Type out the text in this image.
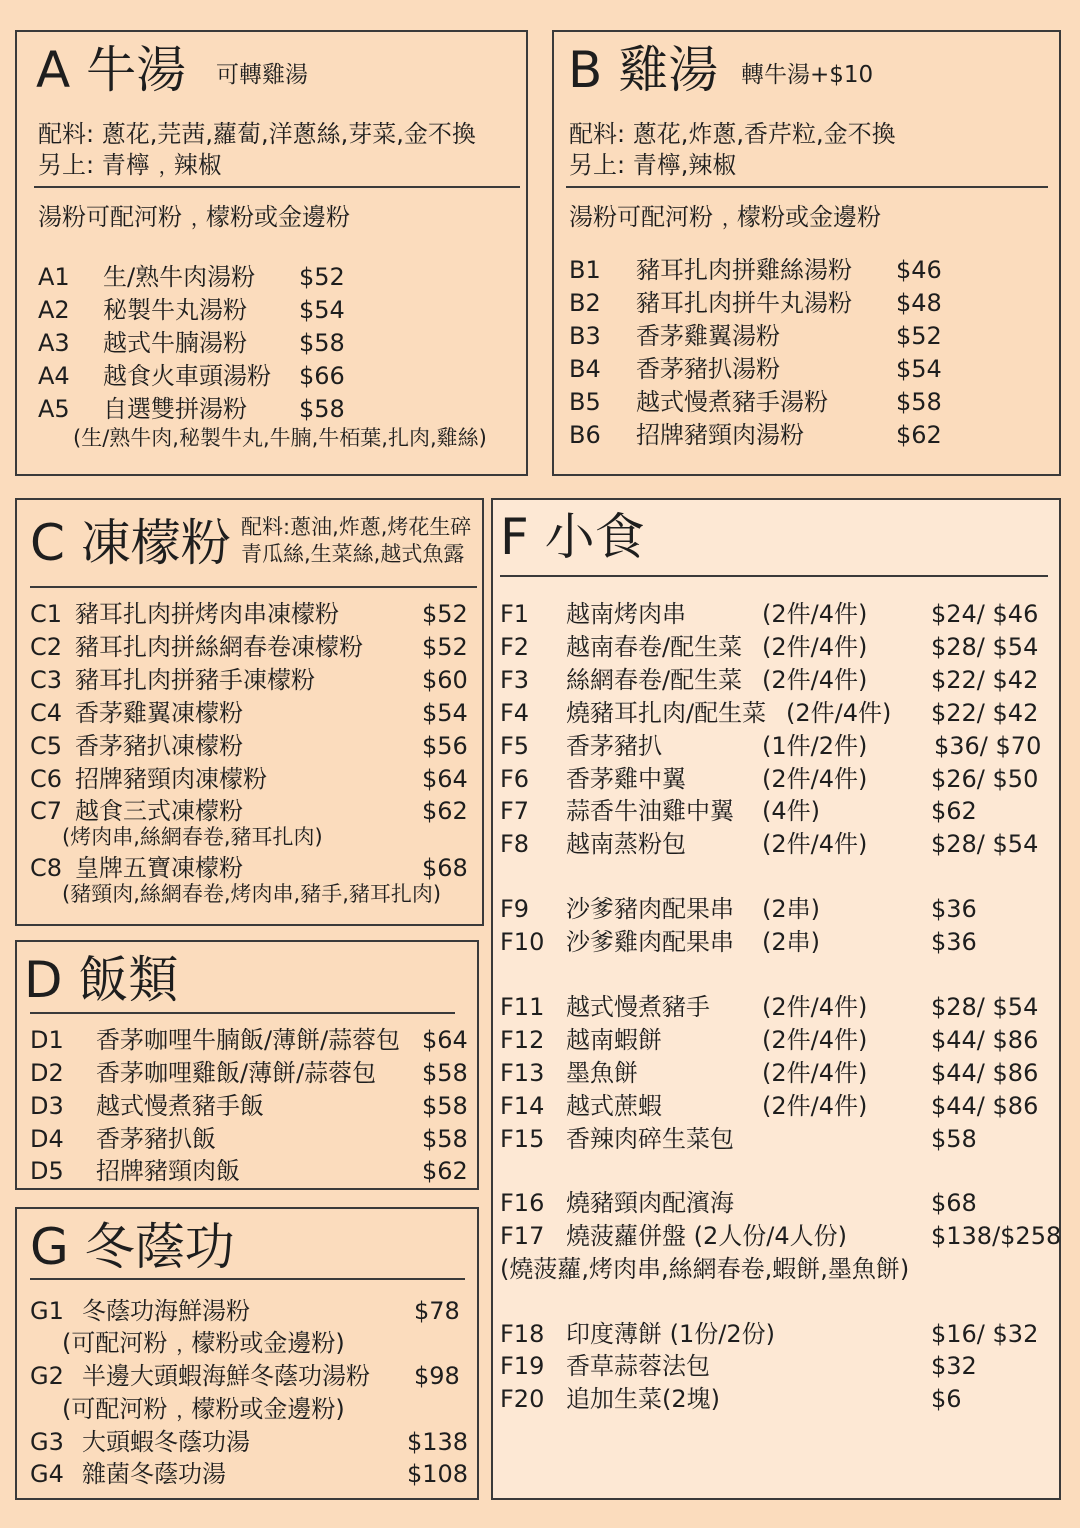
A 牛湯 可轉雞湯
配料: 蔥花,芫茜,蘿蔔,洋蔥絲,芽菜,金不換
另上: 青檸﹐辣椒
湯粉可配河粉﹐檬粉或金邊粉
A1 生/熟牛肉湯粉 $52
A2 秘製牛丸湯粉 $54
A3 越式牛腩湯粉 $58
A4 越食火車頭湯粉 $66
A5 自選雙拼湯粉 $58
(生/熟牛肉,秘製牛丸,牛腩,牛栢葉,扎肉,雞絲)
B 雞湯 轉牛湯+$10
配料: 蔥花,炸蔥,香芹粒,金不換
另上: 青檸,辣椒
湯粉可配河粉﹐檬粉或金邊粉
B1 豬耳扎肉拼雞絲湯粉 $46
B2 豬耳扎肉拼牛丸湯粉 $48
B3 香茅雞翼湯粉	$52
B4 香茅豬扒湯粉	$54
B5 越式慢煮豬手湯粉	$58
B6 招牌豬頸肉湯粉	$62
C 凍檬粉 配料:蔥油,炸蔥,烤花生碎
青瓜絲,生菜絲,越式魚露
C1 豬耳扎肉拼烤肉串凍檬粉	$52
C2 豬耳扎肉拼絲網春卷凍檬粉 $52
C3 豬耳扎肉拼豬手凍檬粉	$60
C4 香茅雞翼凍檬粉	$54
C5 香茅豬扒凍檬粉	$56
C6 招牌豬頸肉凍檬粉	$64
C7 越食三式凍檬粉	$62
(烤肉串,絲網春卷,豬耳扎肉)
C8 皇牌五寶凍檬粉	$68
(豬頸肉,絲網春卷,烤肉串,豬手,豬耳扎肉)
D 飯類
D1 香茅咖哩牛腩飯/薄餅/蒜蓉包 $64
D2 香茅咖哩雞飯/薄餅/蒜蓉包 $58
D3 越式慢煮豬手飯	$58
D4 香茅豬扒飯	$58
D5 招牌豬頸肉飯	$62
G 冬蔭功
G1 冬蔭功海鮮湯粉	$78
(可配河粉﹐檬粉或金邊粉)
G2 半邊大頭蝦海鮮冬蔭功湯粉 $98
(可配河粉﹐檬粉或金邊粉)
G3 大頭蝦冬蔭功湯	$138
G4 雜菌冬蔭功湯	$108
F 小食
F1 越南烤肉串	(2件/4件)	$24/ $46
F2 越南春卷/配生菜 (2件/4件)	$28/ $54
F3 絲網春卷/配生菜 (2件/4件)	$22/ $42
F4 燒豬耳扎肉/配生菜 (2件/4件) $22/ $42
F5 香茅豬扒	(1件/2件)	$36/ $70
F6 香茅雞中翼	(2件/4件)	$26/ $50
F7 蒜香牛油雞中翼 (4件)	$62
F8 越南蒸粉包	(2件/4件)	$28/ $54
F9 沙爹豬肉配果串 (2串)	$36
F10 沙爹雞肉配果串 (2串)	$36
F11 越式慢煮豬手 (2件/4件)	$28/ $54
F12 越南蝦餅	(2件/4件)	$44/ $86
F13 墨魚餅	(2件/4件)	$44/ $86
F14 越式蔗蝦	(2件/4件)	$44/ $86
F15 香辣肉碎生菜包	$58
F16 燒豬頸肉配濱海	$68
F17 燒菠蘿併盤 (2人份/4人份)	$138/$258
(燒菠蘿,烤肉串,絲網春卷,蝦餅,墨魚餅)
F18 印度薄餅 (1份/2份)	$16/ $32
F19 香草蒜蓉法包	$32
F20 追加生菜(2塊)	$6
